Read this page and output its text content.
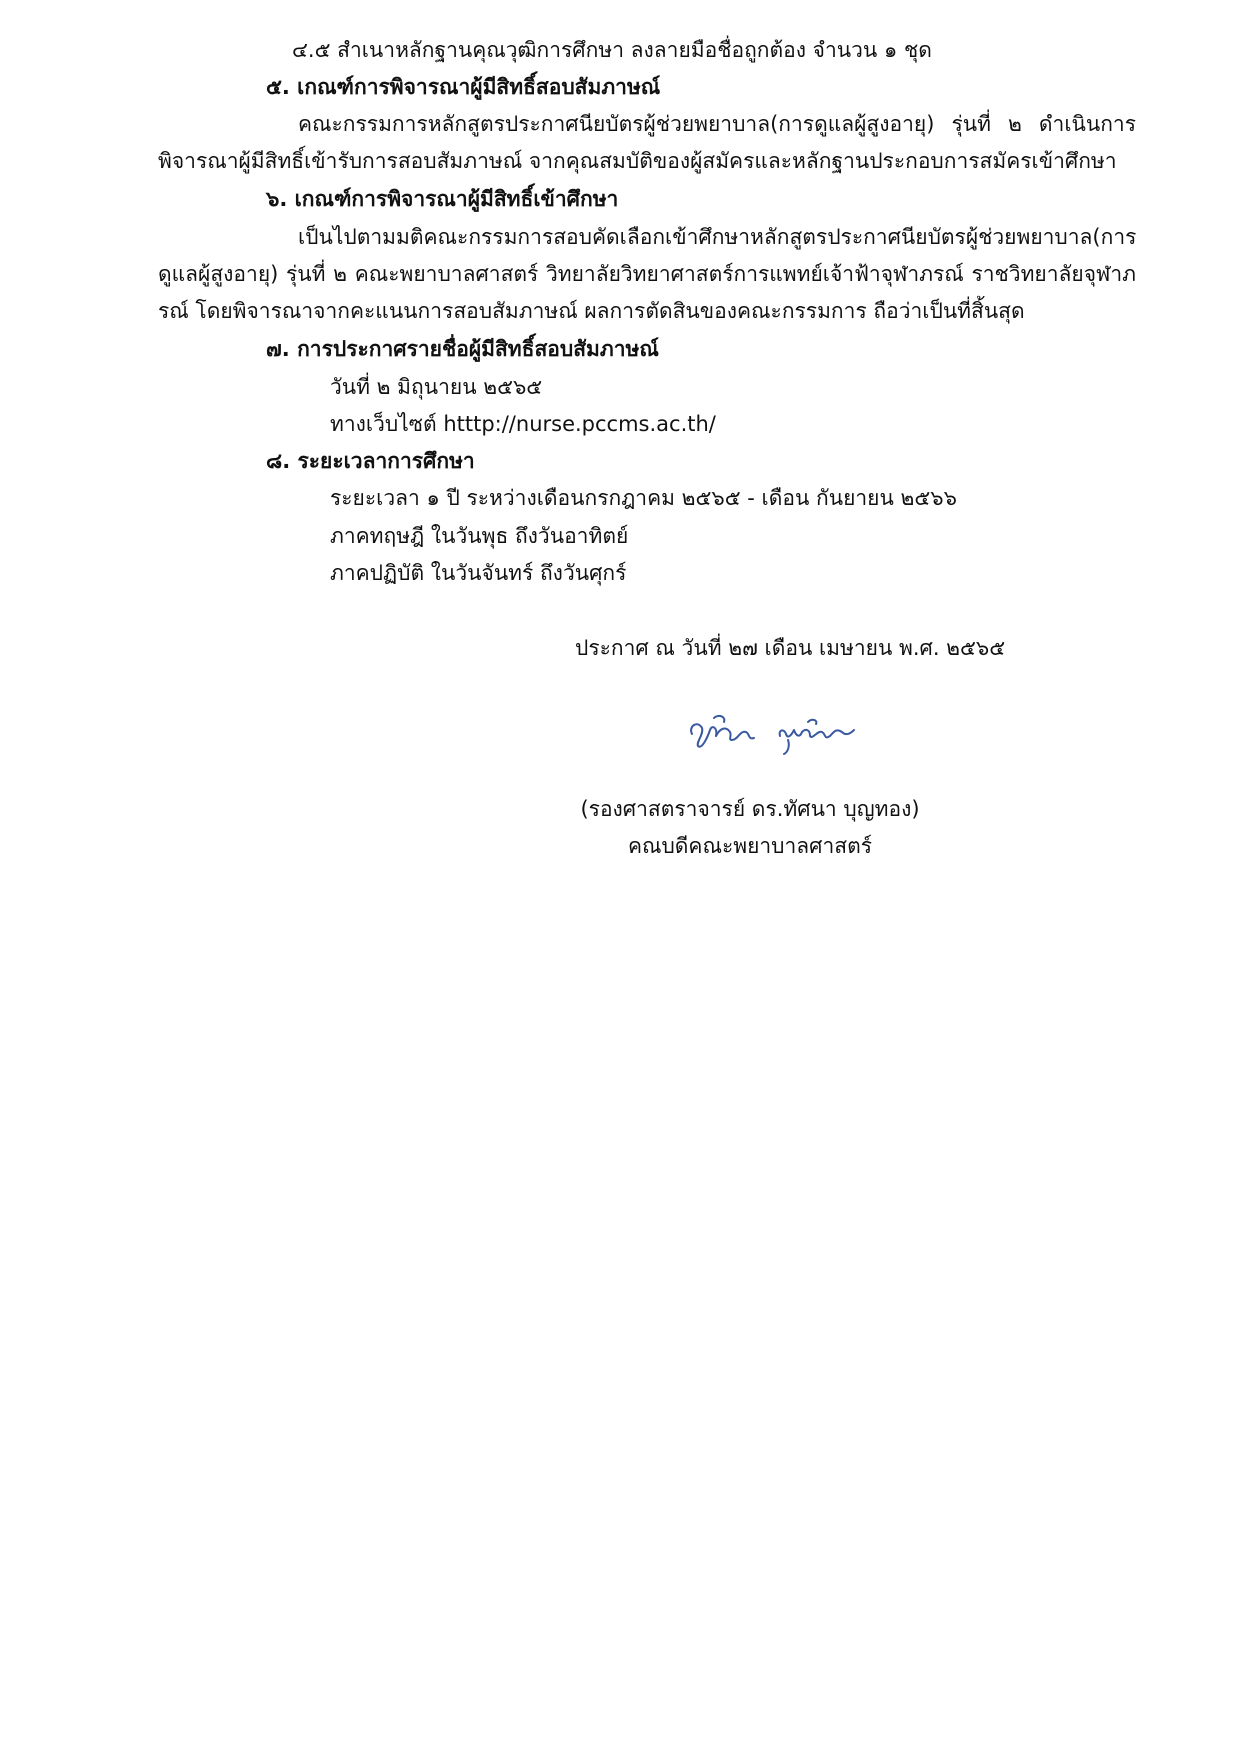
๔.๕ สำเนาหลักฐานคุณวุฒิการศึกษา ลงลายมือชื่อถูกต้อง จำนวน ๑ ชุด
๕. เกณฑ์การพิจารณาผู้มีสิทธิ์สอบสัมภาษณ์
คณะกรรมการหลักสูตรประกาศนียบัตรผู้ช่วยพยาบาล(การดูแลผู้สูงอายุ) รุ่นที่ ๒ ดำเนินการ
พิจารณาผู้มีสิทธิ์เข้ารับการสอบสัมภาษณ์ จากคุณสมบัติของผู้สมัครและหลักฐานประกอบการสมัครเข้าศึกษา
๖. เกณฑ์การพิจารณาผู้มีสิทธิ์เข้าศึกษา
เป็นไปตามมติคณะกรรมการสอบคัดเลือกเข้าศึกษาหลักสูตรประกาศนียบัตรผู้ช่วยพยาบาล(การ
ดูแลผู้สูงอายุ) รุ่นที่ ๒ คณะพยาบาลศาสตร์ วิทยาลัยวิทยาศาสตร์การแพทย์เจ้าฟ้าจุฬาภรณ์ ราชวิทยาลัยจุฬาภ
รณ์ โดยพิจารณาจากคะแนนการสอบสัมภาษณ์ ผลการตัดสินของคณะกรรมการ ถือว่าเป็นที่สิ้นสุด
๗. การประกาศรายชื่อผู้มีสิทธิ์สอบสัมภาษณ์
วันที่ ๒ มิถุนายน ๒๕๖๕
ทางเว็บไซต์ htttp://nurse.pccms.ac.th/
๘. ระยะเวลาการศึกษา
ระยะเวลา ๑ ปี ระหว่างเดือนกรกฎาคม ๒๕๖๕ - เดือน กันยายน ๒๕๖๖
ภาคทฤษฎี ในวันพุธ ถึงวันอาทิตย์
ภาคปฏิบัติ ในวันจันทร์ ถึงวันศุกร์
ประกาศ ณ วันที่ ๒๗ เดือน เมษายน พ.ศ. ๒๕๖๕
(รองศาสตราจารย์ ดร.ทัศนา บุญทอง)
คณบดีคณะพยาบาลศาสตร์
